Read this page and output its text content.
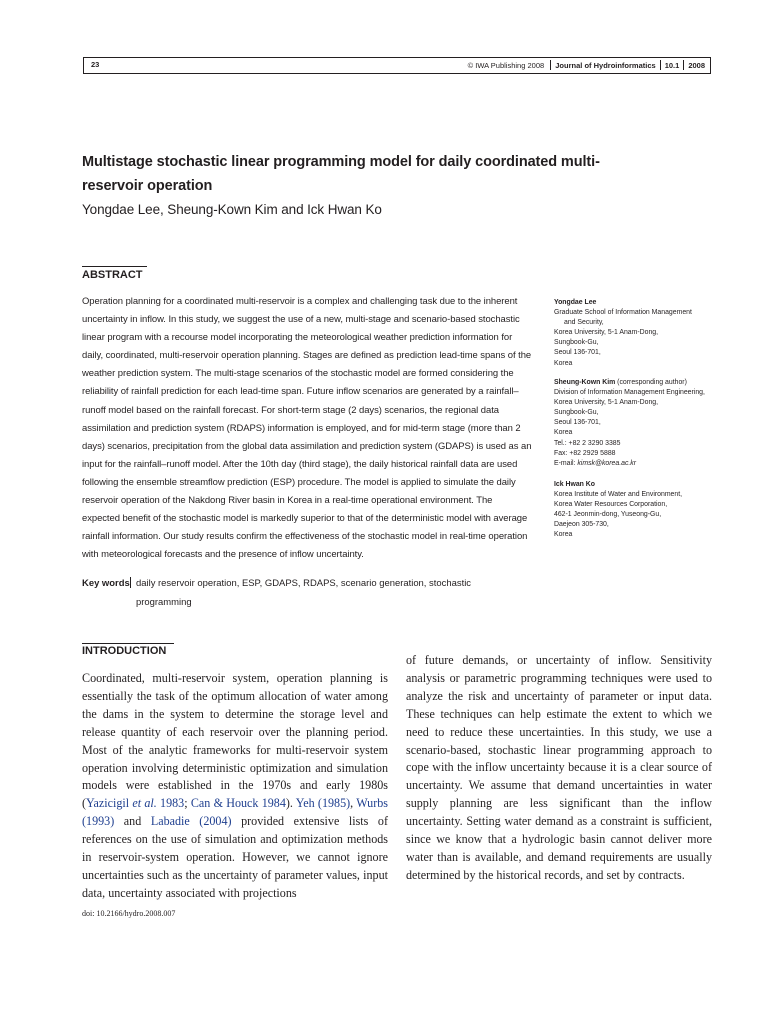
23	© IWA Publishing 2008 Journal of Hydroinformatics 10.1 2008
Multistage stochastic linear programming model for daily coordinated multi-reservoir operation
Yongdae Lee, Sheung-Kown Kim and Ick Hwan Ko
ABSTRACT
Operation planning for a coordinated multi-reservoir is a complex and challenging task due to the inherent uncertainty in inflow. In this study, we suggest the use of a new, multi-stage and scenario-based stochastic linear program with a recourse model incorporating the meteorological weather prediction information for daily, coordinated, multi-reservoir operation planning. Stages are defined as prediction lead-time spans of the weather prediction system. The multi-stage scenarios of the stochastic model are formed considering the reliability of rainfall prediction for each lead-time span. Future inflow scenarios are generated by a rainfall–runoff model based on the rainfall forecast. For short-term stage (2 days) scenarios, the regional data assimilation and prediction system (RDAPS) information is employed, and for mid-term stage (more than 2 days) scenarios, precipitation from the global data assimilation and prediction system (GDAPS) is used as an input for the rainfall–runoff model. After the 10th day (third stage), the daily historical rainfall data are used following the ensemble streamflow prediction (ESP) procedure. The model is applied to simulate the daily reservoir operation of the Nakdong River basin in Korea in a real-time operational environment. The expected benefit of the stochastic model is markedly superior to that of the deterministic model with average rainfall information. Our study results confirm the effectiveness of the stochastic model in real-time operation with meteorological forecasts and the presence of inflow uncertainty.
Key words daily reservoir operation, ESP, GDAPS, RDAPS, scenario generation, stochastic programming
Yongdae Lee
Graduate School of Information Management
and Security,
Korea University, 5-1 Anam-Dong,
Sungbook-Gu,
Seoul 136-701,
Korea
Sheung-Kown Kim (corresponding author)
Division of Information Management Engineering,
Korea University, 5-1 Anam-Dong,
Sungbook-Gu,
Seoul 136-701,
Korea
Tel.: +82 2 3290 3385
Fax: +82 2929 5888
E-mail: kimsk@korea.ac.kr
Ick Hwan Ko
Korea Institute of Water and Environment,
Korea Water Resources Corporation,
462-1 Jeonmin-dong, Yuseong-Gu,
Daejeon 305-730,
Korea
INTRODUCTION
Coordinated, multi-reservoir system, operation planning is essentially the task of the optimum allocation of water among the dams in the system to determine the storage level and release quantity of each reservoir over the planning period. Most of the analytic frameworks for multi-reservoir system operation involving deterministic optimization and simulation models were established in the 1970s and early 1980s (Yazicigil et al. 1983; Can & Houck 1984). Yeh (1985), Wurbs (1993) and Labadie (2004) provided extensive lists of references on the use of simulation and optimization methods in reservoir-system operation. However, we cannot ignore uncertainties such as the uncertainty of parameter values, input data, uncertainty associated with projections
of future demands, or uncertainty of inflow. Sensitivity analysis or parametric programming techniques were used to analyze the risk and uncertainty of parameter or input data. These techniques can help estimate the extent to which we need to reduce these uncertainties. In this study, we use a scenario-based, stochastic linear programming approach to cope with the inflow uncertainty because it is a clear source of uncertainty. We assume that demand uncertainties in water supply planning are less significant than the inflow uncertainty. Setting water demand as a constraint is sufficient, since we know that a hydrologic basin cannot deliver more water than is available, and demand requirements are usually determined by the historical records, and set by contracts.
doi: 10.2166/hydro.2008.007
